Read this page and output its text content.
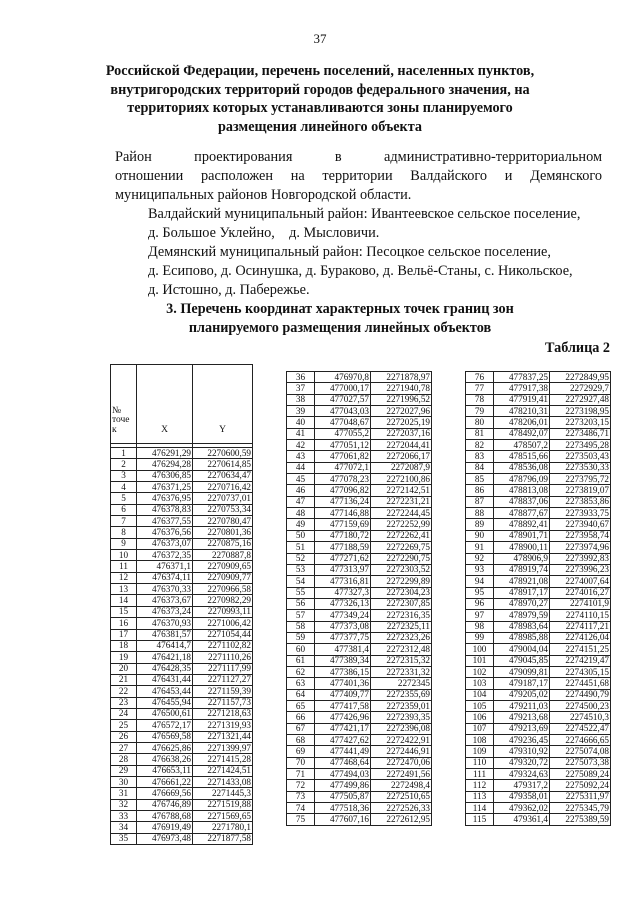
37
Российской Федерации, перечень поселений, населенных пунктов, внутригородских территорий городов федерального значения, на территориях которых устанавливаются зоны планируемого размещения линейного объекта
Район проектирования в административно-территориальном
отношении расположен на территории Валдайского и Демянского
муниципальных районов Новгородской области.
Валдайский муниципальный район: Ивантеевское сельское поселение,
д. Большое Уклейно,    д. Мысловичи.
Демянский муниципальный район: Песоцкое сельское поселение,
д. Есипово, д. Осинушка, д. Бураково, д. Вельё-Станы, с. Никольское,
д. Истошно, д. Паберeжье.
3. Перечень координат характерных точек границ зон планируемого размещения линейных объектов
Таблица 2
№ точе к	X	Y

1	476291,29	2270600,59
2	476294,28	2270614,85
3	476306,85	2270634,47
4	476371,25	2270716,42
5	476376,95	2270737,01
6	476378,83	2270753,34
7	476377,55	2270780,47
8	476376,56	2270801,36
9	476373,07	2270875,16
10	476372,35	2270887,8
11	476371,1	2270909,65
12	476374,11	2270909,77
13	476370,33	2270966,58
14	476373,67	2270982,29
15	476373,24	2270993,11
16	476370,93	2271006,42
17	476381,57	2271054,44
18	476414,7	2271102,82
19	476421,18	2271110,26
20	476428,35	2271117,99
21	476431,44	2271127,27
22	476453,44	2271159,39
23	476455,94	2271157,73
24	476500,61	2271218,63
25	476572,17	2271319,93
26	476569,58	2271321,44
27	476625,86	2271399,97
28	476638,26	2271415,28
29	476653,11	2271424,51
30	476661,22	2271433,08
31	476669,56	2271445,3
32	476746,89	2271519,88
33	476788,68	2271569,65
34	476919,49	2271780,1
35	476973,48	2271877,58
36	476970,8	2271878,97
37	477000,17	2271940,78
38	477027,57	2271996,52
39	477043,03	2272027,96
40	477048,67	2272025,19
41	477055,2	2272037,16
42	477051,12	2272044,41
43	477061,82	2272066,17
44	477072,1	2272087,9
45	477078,23	2272100,86
46	477096,82	2272142,51
47	477136,24	2272231,21
48	477146,88	2272244,45
49	477159,69	2272252,99
50	477180,72	2272262,41
51	477188,59	2272269,75
52	477271,62	2272290,75
53	477313,97	2272303,52
54	477316,81	2272299,89
55	477327,3	2272304,23
56	477326,13	2272307,85
57	477349,24	2272316,35
58	477373,08	2272325,11
59	477377,75	2272323,26
60	477381,4	2272312,48
61	477389,34	2272315,32
62	477386,15	2272331,32
63	477401,36	2272345
64	477409,77	2272355,69
65	477417,58	2272359,01
66	477426,96	2272393,35
67	477421,17	2272396,08
68	477427,62	2272422,91
69	477441,49	2272446,91
70	477468,64	2272470,06
71	477494,03	2272491,56
72	477499,86	2272498,4
73	477505,87	2272510,65
74	477518,36	2272526,33
75	477607,16	2272612,95
76	477837,25	2272849,95
77	477917,38	2272929,7
78	477919,41	2272927,48
79	478210,31	2273198,95
80	478206,01	2273203,15
81	478492,07	2273486,71
82	478507,2	2273495,28
83	478515,66	2273503,43
84	478536,08	2273530,33
85	478796,09	2273795,72
86	478813,08	2273819,07
87	478837,06	2273853,86
88	478877,67	2273933,75
89	478892,41	2273940,67
90	478901,71	2273958,74
91	478900,11	2273974,96
92	478906,9	2273992,83
93	478919,74	2273996,23
94	478921,08	2274007,64
95	478917,17	2274016,27
96	478970,27	2274101,9
97	478979,59	2274110,15
98	478983,64	2274117,21
99	478985,88	2274126,04
100	479004,04	2274151,25
101	479045,85	2274219,47
102	479099,81	2274305,15
103	479187,17	2274451,68
104	479205,02	2274490,79
105	479211,03	2274500,23
106	479213,68	2274510,3
107	479213,69	2274522,47
108	479236,45	2274666,65
109	479310,92	2275074,08
110	479320,72	2275073,38
111	479324,63	2275089,24
112	479317,2	2275092,24
113	479358,01	2275311,97
114	479362,02	2275345,79
115	479361,4	2275389,59
